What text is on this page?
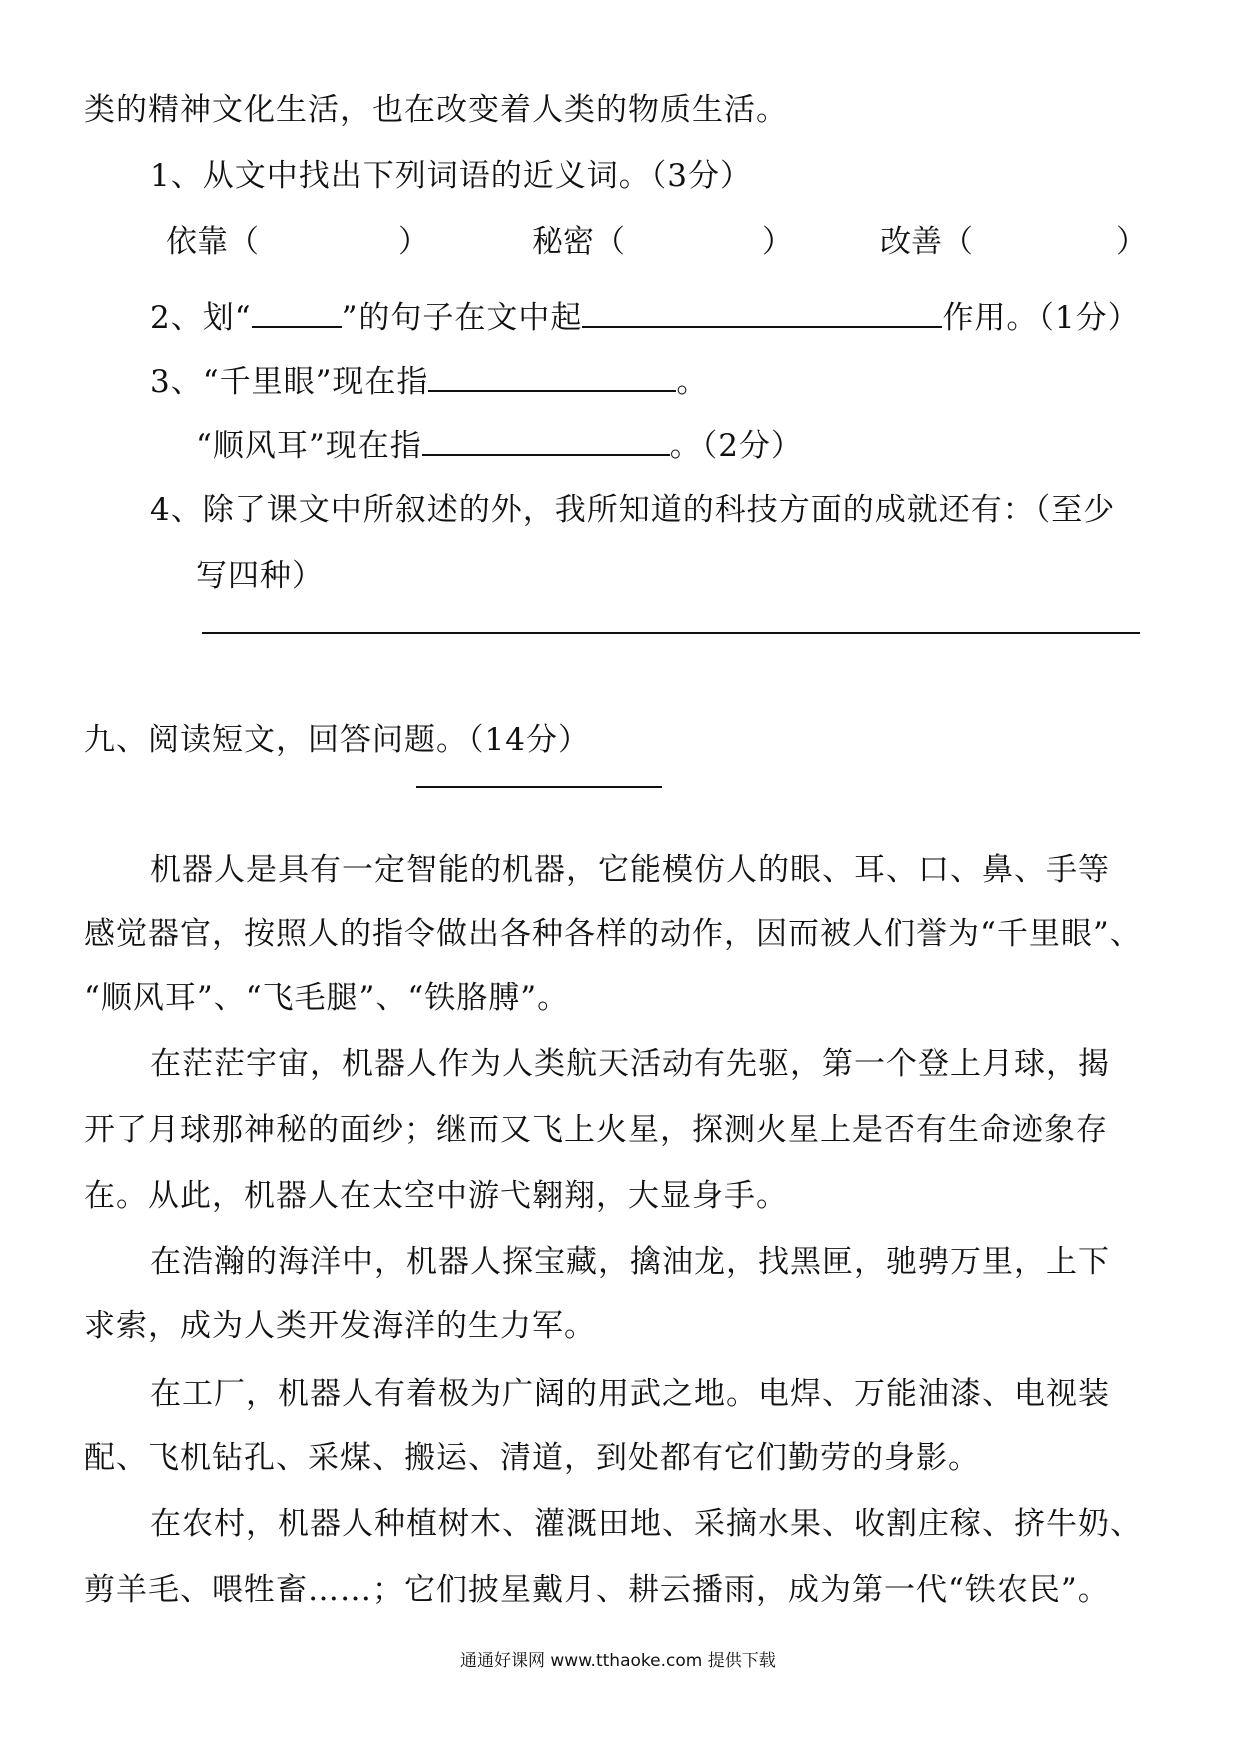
类的精神文化生活，也在改变着人类的物质生活。
1、从文中找出下列词语的近义词。（3分）
依靠（	）	秘密（	）	改善（	）
2、划“	”的句子在文中起	作用。（1分）
3、“千里眼”现在指	。
“顺风耳”现在指	。（2分）
4、除了课文中所叙述的外，我所知道的科技方面的成就还有：（至少
写四种）
九、阅读短文，回答问题。（14分）
机器人是具有一定智能的机器，它能模仿人的眼、耳、口、鼻、手等
感觉器官，按照人的指令做出各种各样的动作，因而被人们誉为“千里眼”、
“顺风耳”、“飞毛腿”、“铁胳膊”。
在茫茫宇宙，机器人作为人类航天活动有先驱，第一个登上月球，揭
开了月球那神秘的面纱；继而又飞上火星，探测火星上是否有生命迹象存
在。从此，机器人在太空中游弋翱翔，大显身手。
在浩瀚的海洋中，机器人探宝藏，擒油龙，找黑匣，驰骋万里，上下
求索，成为人类开发海洋的生力军。
在工厂，机器人有着极为广阔的用武之地。电焊、万能油漆、电视装
配、飞机钻孔、采煤、搬运、清道，到处都有它们勤劳的身影。
在农村，机器人种植树木、灌溉田地、采摘水果、收割庄稼、挤牛奶、
剪羊毛、喂牲畜……；它们披星戴月、耕云播雨，成为第一代“铁农民”。
通通好课网 www.tthaoke.com 提供下载
